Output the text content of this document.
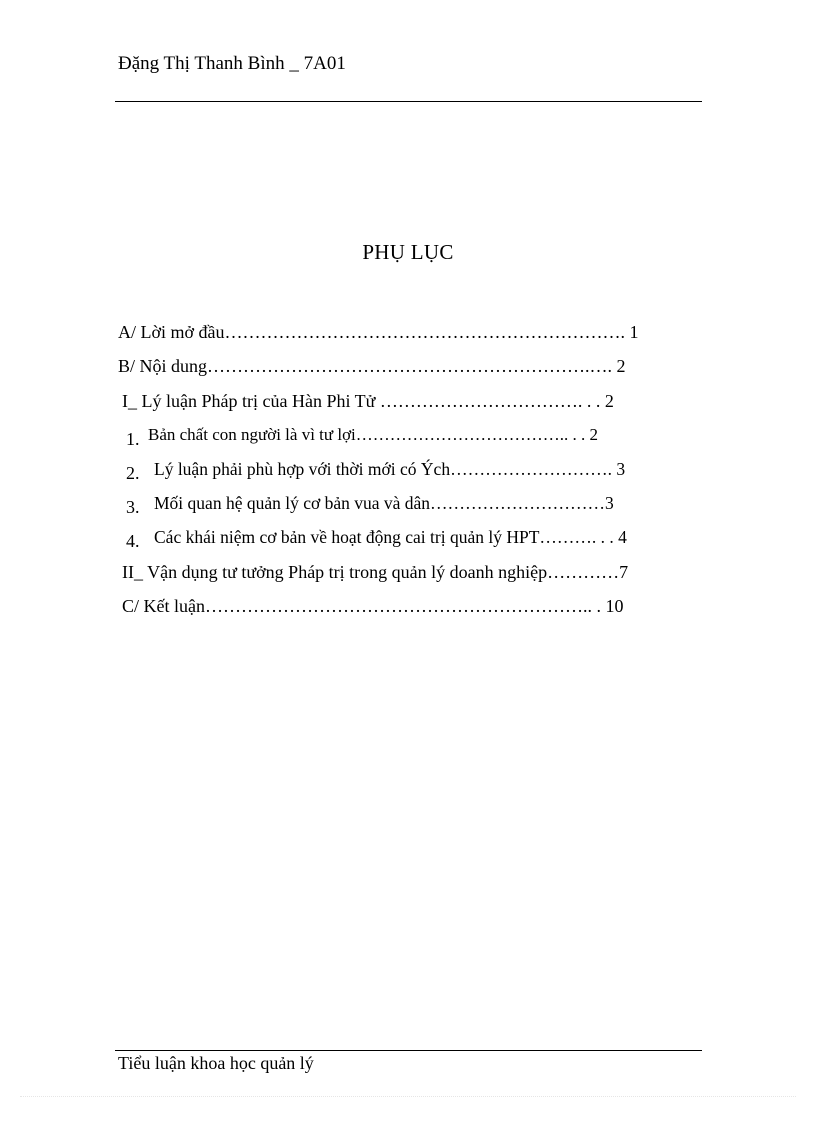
Đặng Thị Thanh Bình _ 7A01
PHỤ LỤC
A/ Lời mở đầu…………………………………………………………. 1
B/ Nội dung……………………………………………………….…. 2
I_ Lý luận Pháp trị của Hàn Phi Tử ……………………………. . . 2
1. Bản chất con người là vì tư lợi……………………………….. . . 2
2. Lý luận phải phù hợp với thời mới có Ých………………………. 3
3. Mối quan hệ quản lý cơ bản vua và dân…………………………3
4. Các khái niệm cơ bản về hoạt động cai trị quản lý HPT………. . . 4
II_ Vận dụng tư tưởng Pháp trị trong quản lý doanh nghiệp…………7
C/ Kết luận……………………………………………………….. . 10
Tiểu luận khoa học quản lý
